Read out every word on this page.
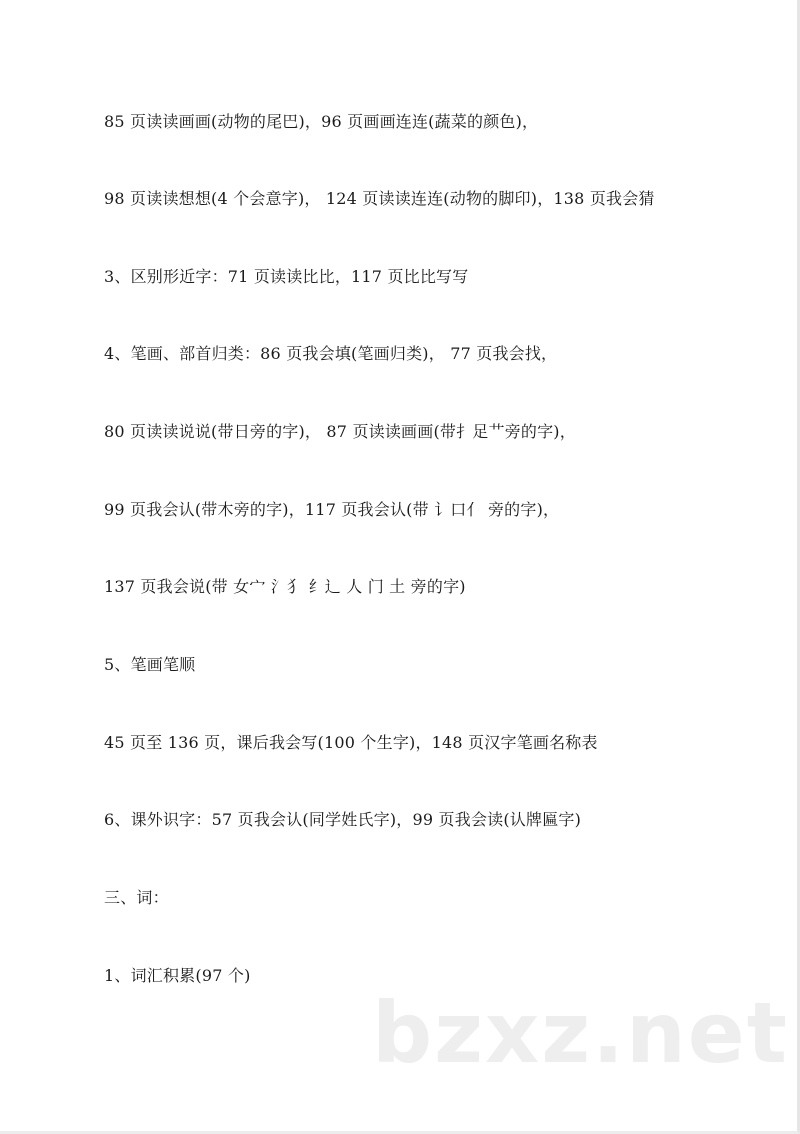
85 页读读画画(动物的尾巴)，96 页画画连连(蔬菜的颜色)，
98 页读读想想(4 个会意字)， 124 页读读连连(动物的脚印)，138 页我会猜
3、区别形近字：71 页读读比比，117 页比比写写
4、笔画、部首归类：86 页我会填(笔画归类)， 77 页我会找，
80 页读读说说(带日旁的字)， 87 页读读画画(带扌足艹旁的字)，
99 页我会认(带木旁的字)，117 页我会认(带 讠口亻 旁的字)，
137 页我会说(带 女宀 氵犭 纟辶 人 门 土 旁的字)
5、笔画笔顺
45 页至 136 页，课后我会写(100 个生字)，148 页汉字笔画名称表
6、课外识字：57 页我会认(同学姓氏字)，99 页我会读(认牌匾字)
三、词：
1、词汇积累(97 个)
bzxz.net
